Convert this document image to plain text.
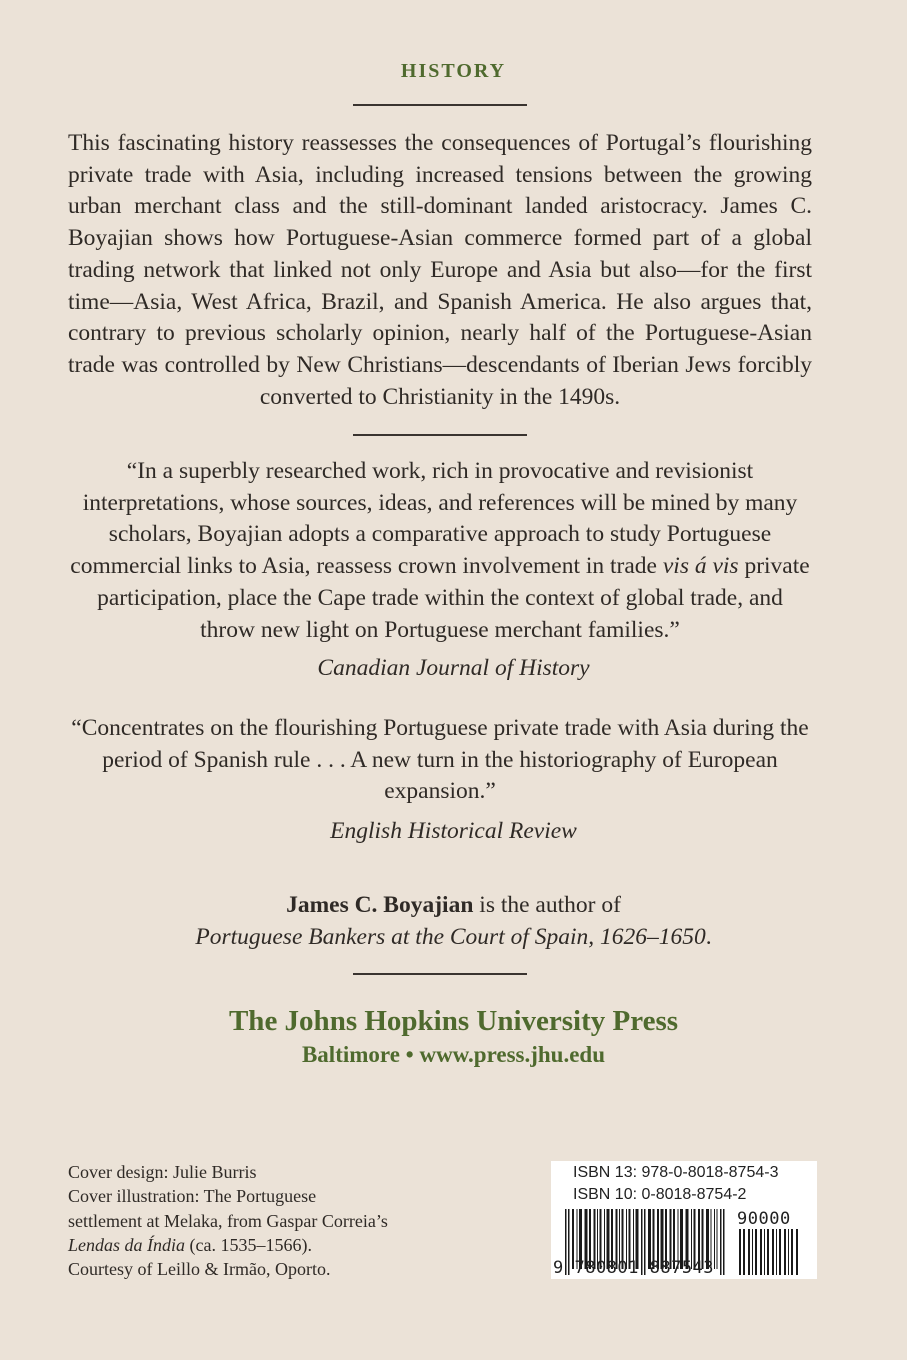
HISTORY

This fascinating history reassesses the consequences of Portugal’s flourishing private trade with Asia, including increased tensions between the growing urban merchant class and the still-dominant landed aristocracy. James C. Boyajian shows how Portuguese-Asian commerce formed part of a global trading network that linked not only Europe and Asia but also—for the first time—Asia, West Africa, Brazil, and Spanish America. He also argues that, contrary to previous scholarly opinion, nearly half of the Portuguese-Asian trade was controlled by New Christians—descendants of Iberian Jews forcibly converted to Christianity in the 1490s.

“In a superbly researched work, rich in provocative and revisionist interpretations, whose sources, ideas, and references will be mined by many scholars, Boyajian adopts a comparative approach to study Portuguese commercial links to Asia, reassess crown involvement in trade vis á vis private participation, place the Cape trade within the context of global trade, and throw new light on Portuguese merchant families.”

Canadian Journal of History

“Concentrates on the flourishing Portuguese private trade with Asia during the period of Spanish rule . . . A new turn in the historiography of European expansion.”

English Historical Review

James C. Boyajian is the author of
Portuguese Bankers at the Court of Spain, 1626–1650.

The Johns Hopkins University Press
Baltimore • www.press.jhu.edu

Cover design: Julie Burris
Cover illustration: The Portuguese
settlement at Melaka, from Gaspar Correia’s
Lendas da Índia (ca. 1535–1566).
Courtesy of Leillo & Irmão, Oporto.

ISBN 13: 978-0-8018-8754-3
ISBN 10: 0-8018-8754-2
9 780801 887543
90000
